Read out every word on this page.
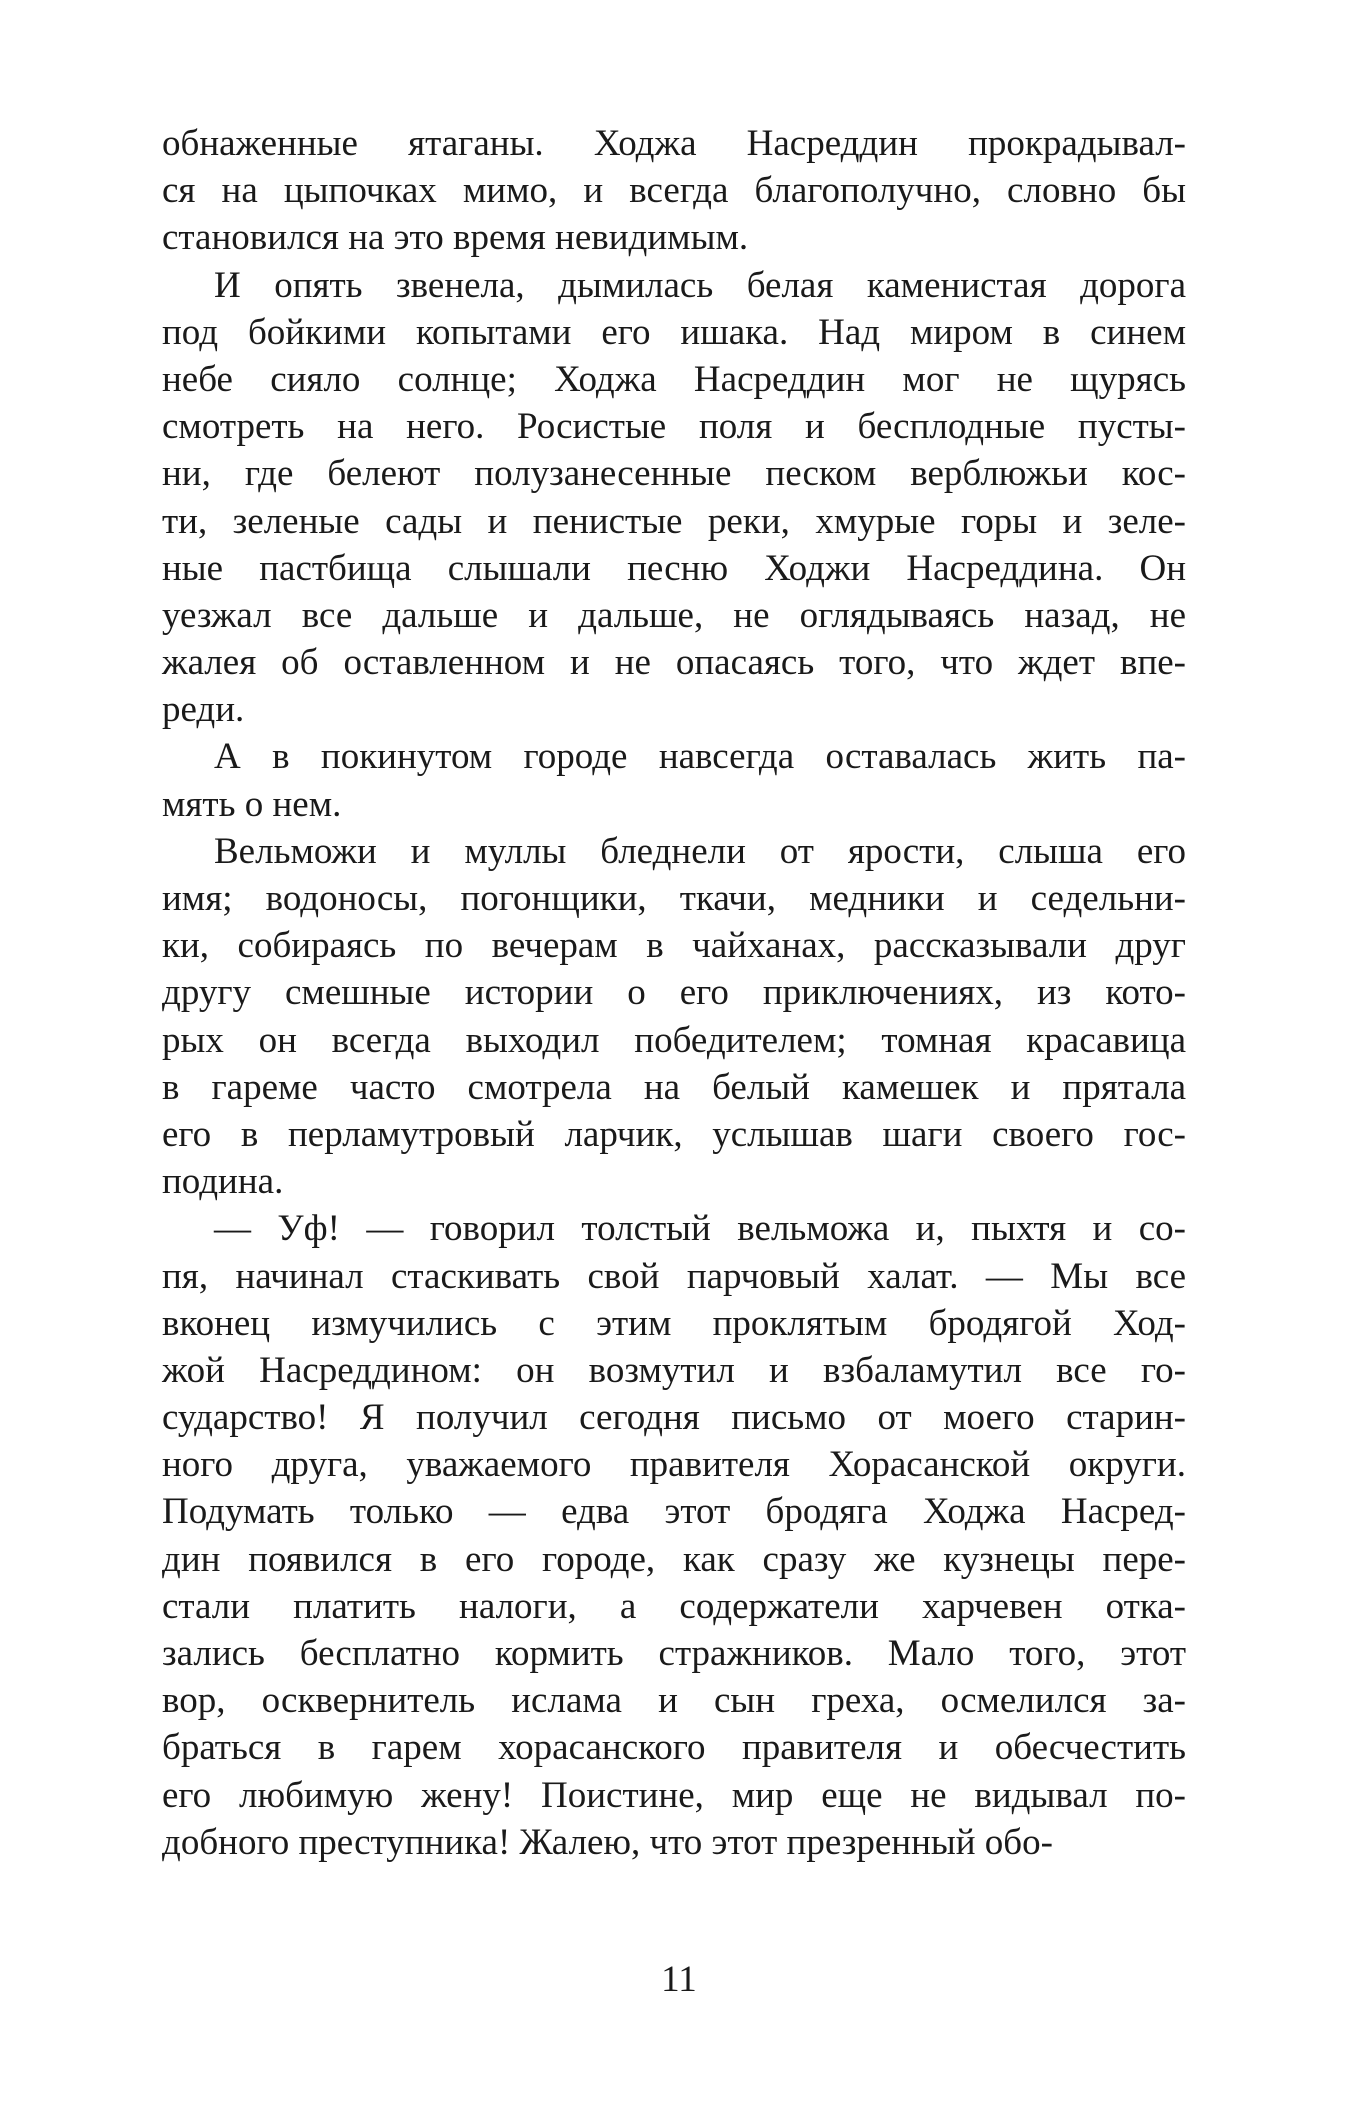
обнаженные ятаганы. Ходжа Насреддин прокрадывал-
ся на цыпочках мимо, и всегда благополучно, словно бы
становился на это время невидимым.
И опять звенела, дымилась белая каменистая дорога
под бойкими копытами его ишака. Над миром в синем
небе сияло солнце; Ходжа Насреддин мог не щурясь
смотреть на него. Росистые поля и бесплодные пусты-
ни, где белеют полузанесенные песком верблюжьи кос-
ти, зеленые сады и пенистые реки, хмурые горы и зеле-
ные пастбища слышали песню Ходжи Насреддина. Он
уезжал все дальше и дальше, не оглядываясь назад, не
жалея об оставленном и не опасаясь того, что ждет впе-
реди.
А в покинутом городе навсегда оставалась жить па-
мять о нем.
Вельможи и муллы бледнели от ярости, слыша его
имя; водоносы, погонщики, ткачи, медники и седельни-
ки, собираясь по вечерам в чайханах, рассказывали друг
другу смешные истории о его приключениях, из кото-
рых он всегда выходил победителем; томная красавица
в гареме часто смотрела на белый камешек и прятала
его в перламутровый ларчик, услышав шаги своего гос-
подина.
— Уф! — говорил толстый вельможа и, пыхтя и со-
пя, начинал стаскивать свой парчовый халат. — Мы все
вконец измучились с этим проклятым бродягой Ход-
жой Насреддином: он возмутил и взбаламутил все го-
сударство! Я получил сегодня письмо от моего старин-
ного друга, уважаемого правителя Хорасанской округи.
Подумать только — едва этот бродяга Ходжа Насред-
дин появился в его городе, как сразу же кузнецы пере-
стали платить налоги, а содержатели харчевен отка-
зались бесплатно кормить стражников. Мало того, этот
вор, осквернитель ислама и сын греха, осмелился за-
браться в гарем хорасанского правителя и обесчестить
его любимую жену! Поистине, мир еще не видывал по-
добного преступника! Жалею, что этот презренный обо-
11
